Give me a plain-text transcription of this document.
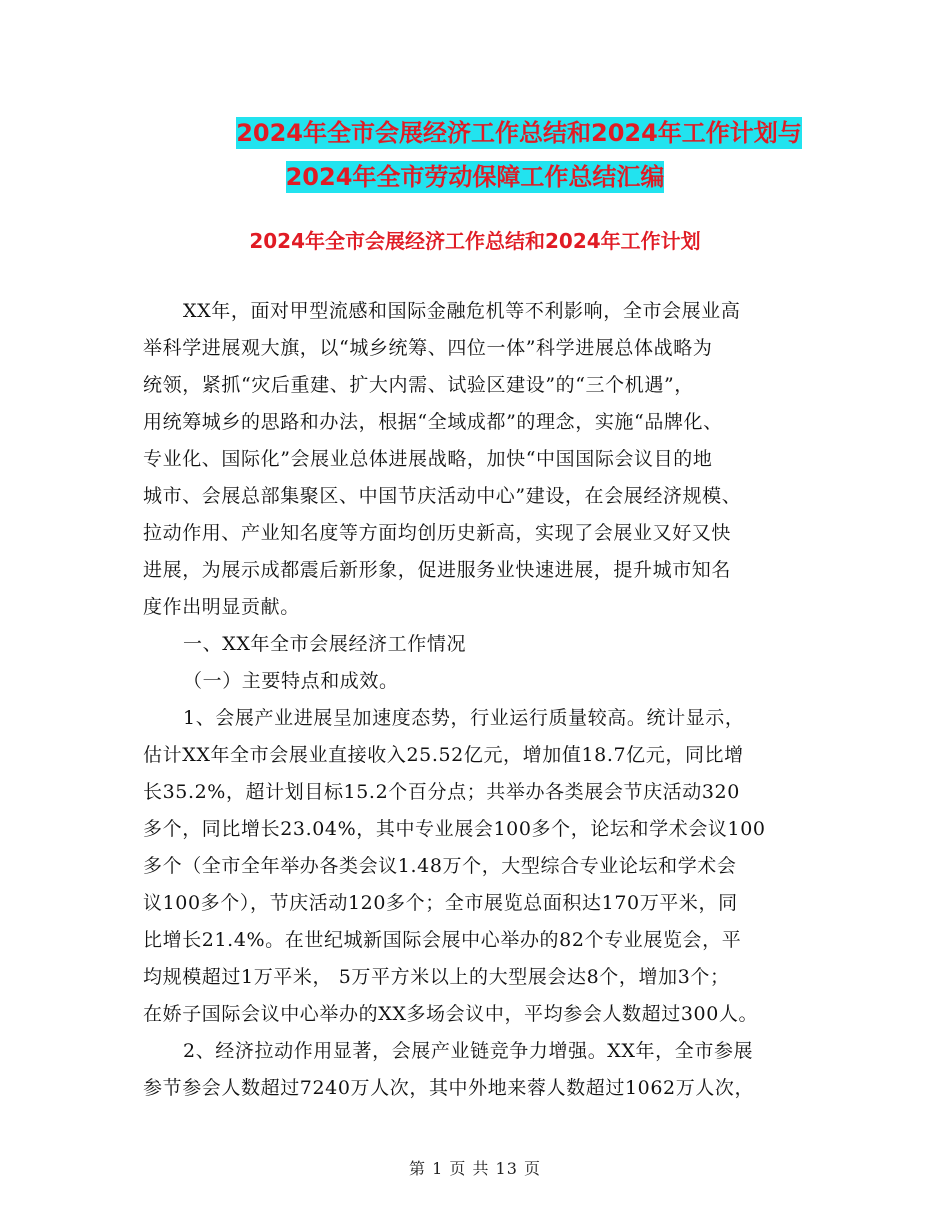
2024年全市会展经济工作总结和2024年工作计划与
2024年全市劳动保障工作总结汇编
2024年全市会展经济工作总结和2024年工作计划
XX年，面对甲型流感和国际金融危机等不利影响，全市会展业高
举科学进展观大旗，以“城乡统筹、四位一体”科学进展总体战略为
统领，紧抓“灾后重建、扩大内需、试验区建设”的“三个机遇”，
用统筹城乡的思路和办法，根据“全域成都”的理念，实施“品牌化、
专业化、国际化”会展业总体进展战略，加快“中国国际会议目的地
城市、会展总部集聚区、中国节庆活动中心”建设，在会展经济规模、
拉动作用、产业知名度等方面均创历史新高，实现了会展业又好又快
进展，为展示成都震后新形象，促进服务业快速进展，提升城市知名
度作出明显贡献。
一、XX年全市会展经济工作情况
（一）主要特点和成效。
1、会展产业进展呈加速度态势，行业运行质量较高。统计显示，
估计XX年全市会展业直接收入25.52亿元，增加值18.7亿元，同比增
长35.2%，超计划目标15.2个百分点；共举办各类展会节庆活动320
多个，同比增长23.04%，其中专业展会100多个，论坛和学术会议100
多个（全市全年举办各类会议1.48万个，大型综合专业论坛和学术会
议100多个），节庆活动120多个；全市展览总面积达170万平米，同
比增长21.4%。在世纪城新国际会展中心举办的82个专业展览会，平
均规模超过1万平米， 5万平方米以上的大型展会达8个，增加3个；
在娇子国际会议中心举办的XX多场会议中，平均参会人数超过300人。
2、经济拉动作用显著，会展产业链竞争力增强。XX年，全市参展
参节参会人数超过7240万人次，其中外地来蓉人数超过1062万人次，
第 1 页 共 13 页
